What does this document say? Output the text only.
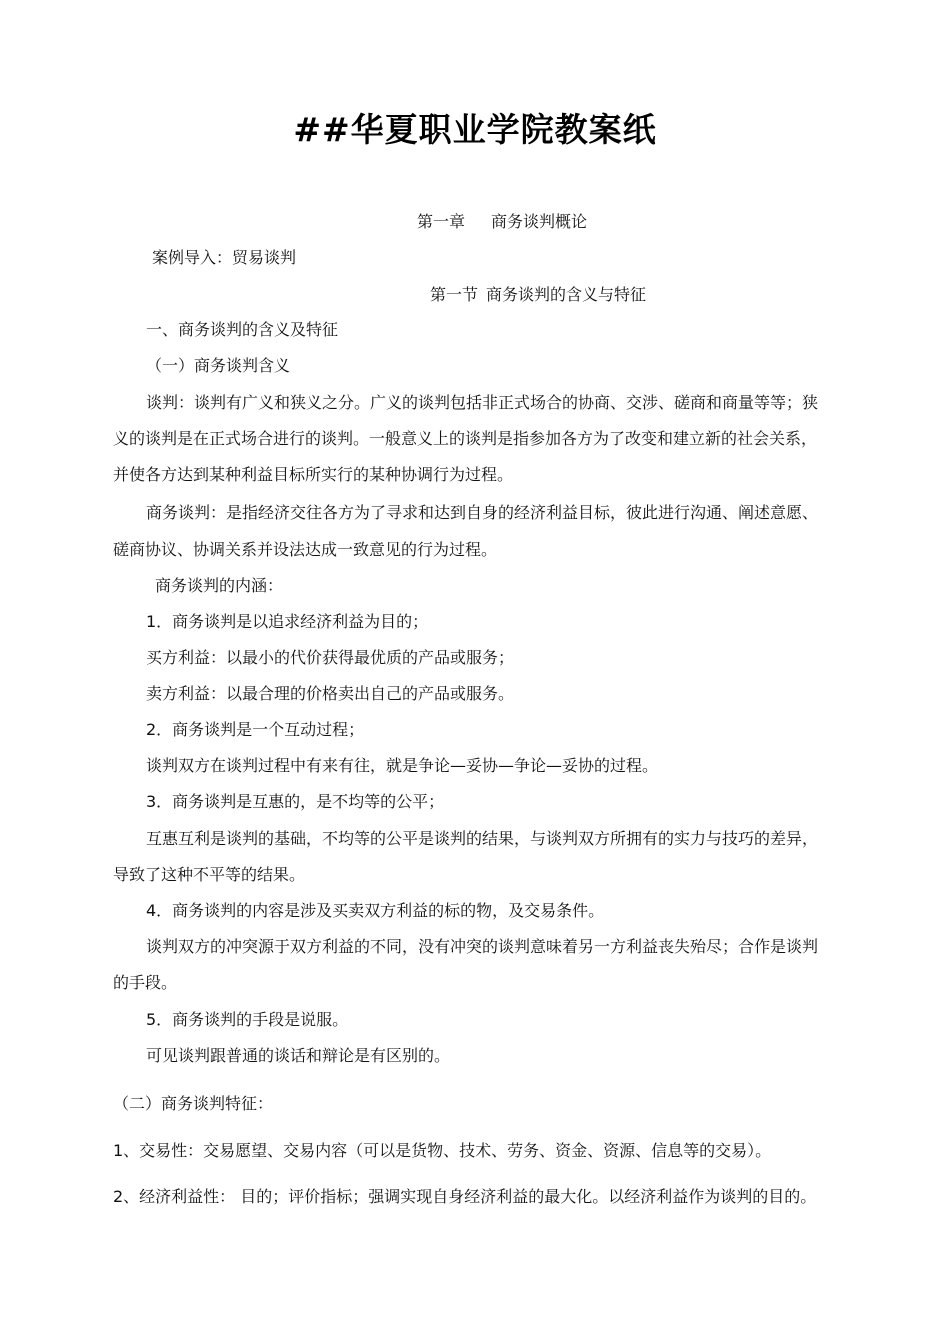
##华夏职业学院教案纸
第一章 商务谈判概论
案例导入：贸易谈判
第一节 商务谈判的含义与特征
一、商务谈判的含义及特征
（一）商务谈判含义
谈判：谈判有广义和狭义之分。广义的谈判包括非正式场合的协商、交涉、磋商和商量等等；狭
义的谈判是在正式场合进行的谈判。一般意义上的谈判是指参加各方为了改变和建立新的社会关系，
并使各方达到某种利益目标所实行的某种协调行为过程。
商务谈判：是指经济交往各方为了寻求和达到自身的经济利益目标，彼此进行沟通、阐述意愿、
磋商协议、协调关系并设法达成一致意见的行为过程。
商务谈判的内涵：
1．商务谈判是以追求经济利益为目的；
买方利益：以最小的代价获得最优质的产品或服务；
卖方利益：以最合理的价格卖出自己的产品或服务。
2．商务谈判是一个互动过程；
谈判双方在谈判过程中有来有往，就是争论—妥协—争论—妥协的过程。
3．商务谈判是互惠的，是不均等的公平；
互惠互利是谈判的基础，不均等的公平是谈判的结果，与谈判双方所拥有的实力与技巧的差异，
导致了这种不平等的结果。
4．商务谈判的内容是涉及买卖双方利益的标的物，及交易条件。
谈判双方的冲突源于双方利益的不同，没有冲突的谈判意味着另一方利益丧失殆尽；合作是谈判
的手段。
5．商务谈判的手段是说服。
可见谈判跟普通的谈话和辩论是有区别的。
（二）商务谈判特征：
1、交易性：交易愿望、交易内容（可以是货物、技术、劳务、资金、资源、信息等的交易）。
2、经济利益性： 目的；评价指标；强调实现自身经济利益的最大化。以经济利益作为谈判的目的。
